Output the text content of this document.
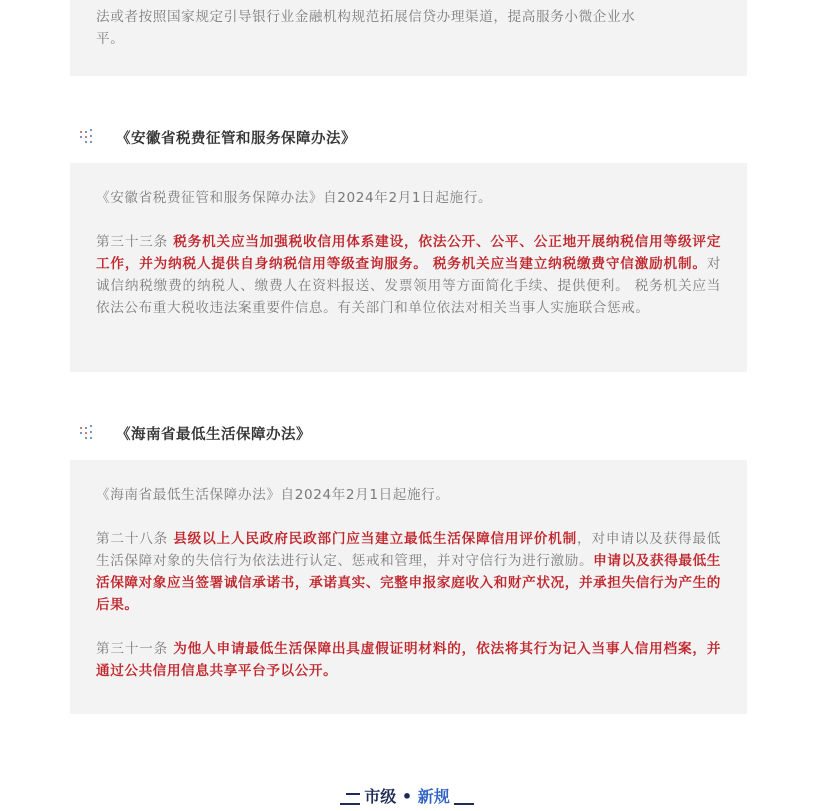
法或者按照国家规定引导银行业金融机构规范拓展信贷办理渠道，提高服务小微企业水

平。

《安徽省税费征管和服务保障办法》

《安徽省税费征管和服务保障办法》自2024年2月1日起施行。

第三十三条 税务机关应当加强税收信用体系建设，依法公开、公平、公正地开展纳税信用等级评定工作，并为纳税人提供自身纳税信用等级查询服务。 税务机关应当建立纳税缴费守信激励机制。对诚信纳税缴费的纳税人、缴费人在资料报送、发票领用等方面简化手续、提供便利。 税务机关应当依法公布重大税收违法案重要件信息。有关部门和单位依法对相关当事人实施联合惩戒。

《海南省最低生活保障办法》

《海南省最低生活保障办法》自2024年2月1日起施行。

第二十八条 县级以上人民政府民政部门应当建立最低生活保障信用评价机制，对申请以及获得最低生活保障对象的失信行为依法进行认定、惩戒和管理，并对守信行为进行激励。申请以及获得最低生活保障对象应当签署诚信承诺书，承诺真实、完整申报家庭收入和财产状况，并承担失信行为产生的后果。

第三十一条 为他人申请最低生活保障出具虚假证明材料的，依法将其行为记入当事人信用档案，并通过公共信用信息共享平台予以公开。

市级 • 新规
